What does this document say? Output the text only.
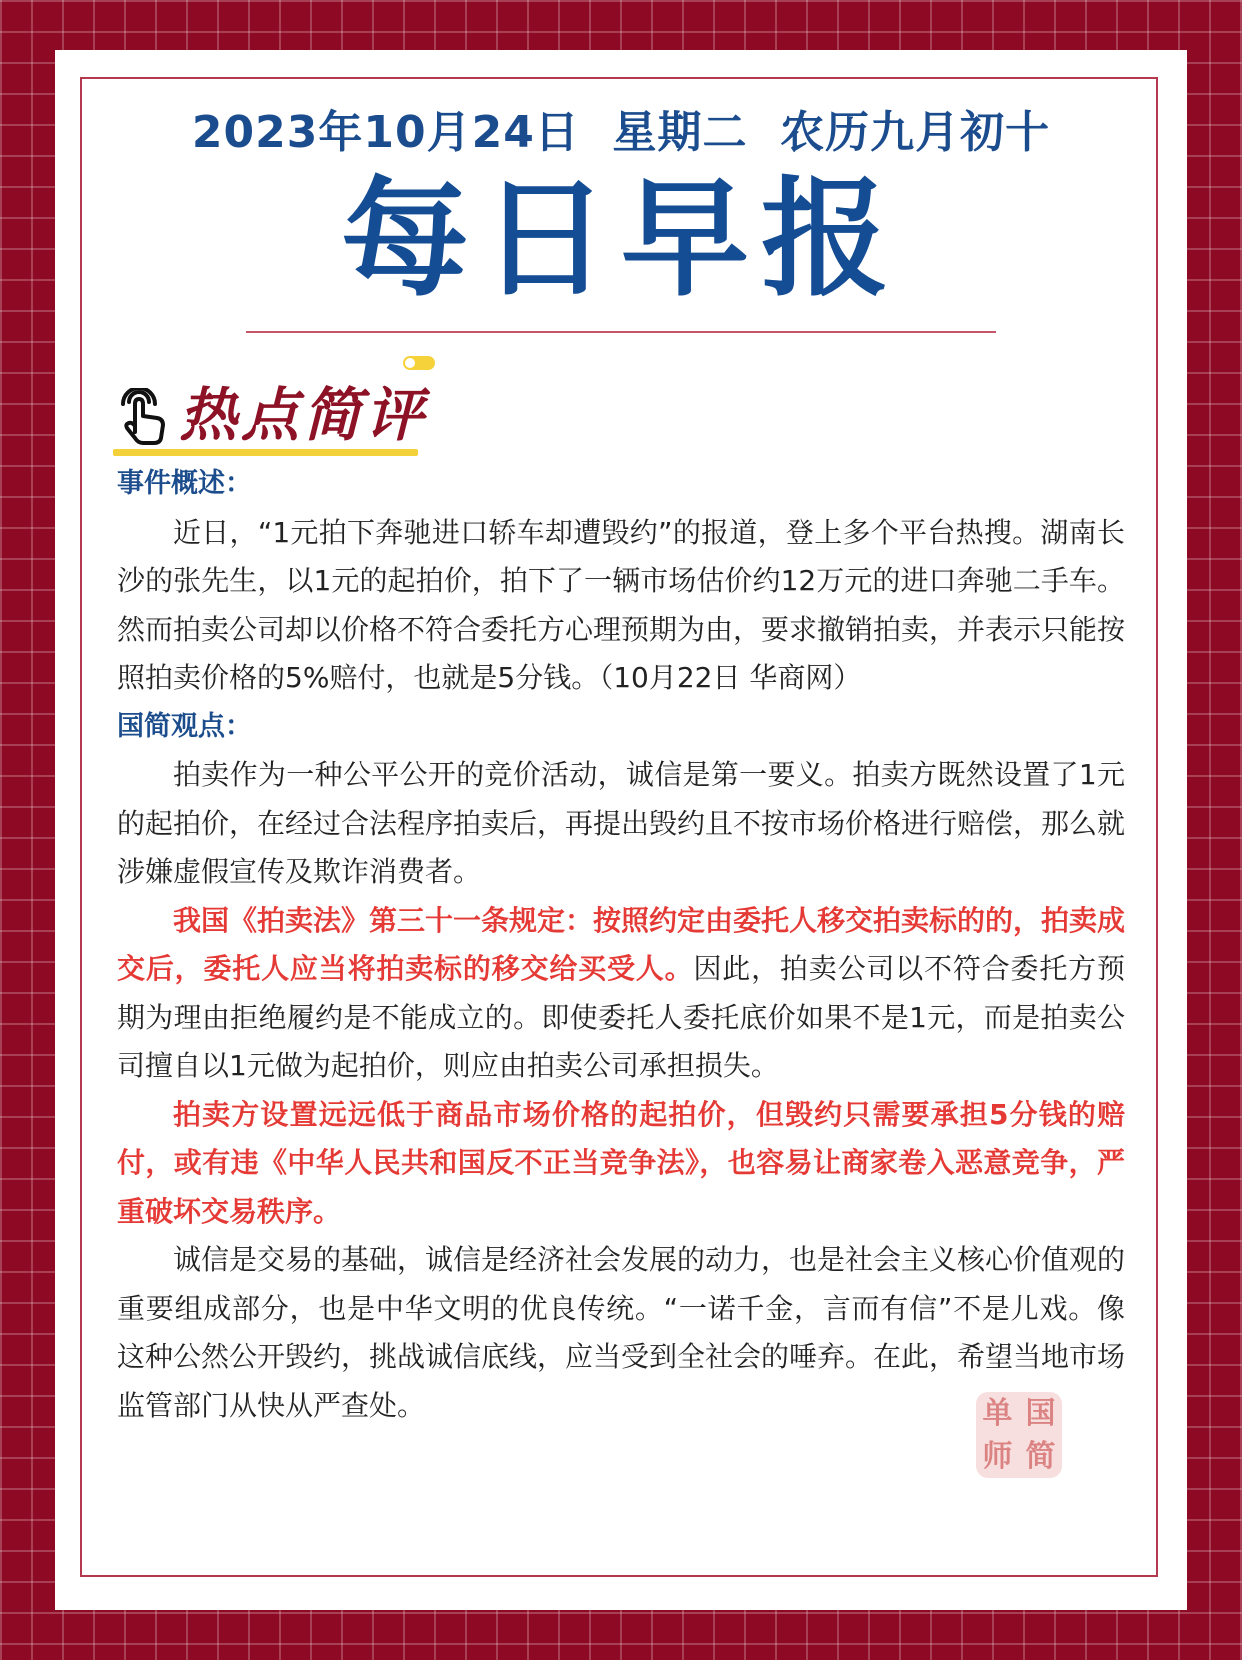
2023年10月24日  星期二  农历九月初十
每日早报
热点简评
事件概述：

近日，“1元拍下奔驰进口轿车却遭毁约”的报道，登上多个平台热搜。湖南长沙的张先生，以1元的起拍价，拍下了一辆市场估价约12万元的进口奔驰二手车。然而拍卖公司却以价格不符合委托方心理预期为由，要求撤销拍卖，并表示只能按照拍卖价格的5%赔付，也就是5分钱。（10月22日 华商网）

国简观点：

拍卖作为一种公平公开的竞价活动，诚信是第一要义。拍卖方既然设置了1元的起拍价，在经过合法程序拍卖后，再提出毁约且不按市场价格进行赔偿，那么就涉嫌虚假宣传及欺诈消费者。

我国《拍卖法》第三十一条规定：按照约定由委托人移交拍卖标的的，拍卖成交后，委托人应当将拍卖标的移交给买受人。因此，拍卖公司以不符合委托方预期为理由拒绝履约是不能成立的。即使委托人委托底价如果不是1元，而是拍卖公司擅自以1元做为起拍价，则应由拍卖公司承担损失。

拍卖方设置远远低于商品市场价格的起拍价，但毁约只需要承担5分钱的赔付，或有违《中华人民共和国反不正当竞争法》，也容易让商家卷入恶意竞争，严重破坏交易秩序。

诚信是交易的基础，诚信是经济社会发展的动力，也是社会主义核心价值观的重要组成部分，也是中华文明的优良传统。“一诺千金，言而有信”不是儿戏。像这种公然公开毁约，挑战诚信底线，应当受到全社会的唾弃。在此，希望当地市场监管部门从快从严查处。	单 国
师 简
